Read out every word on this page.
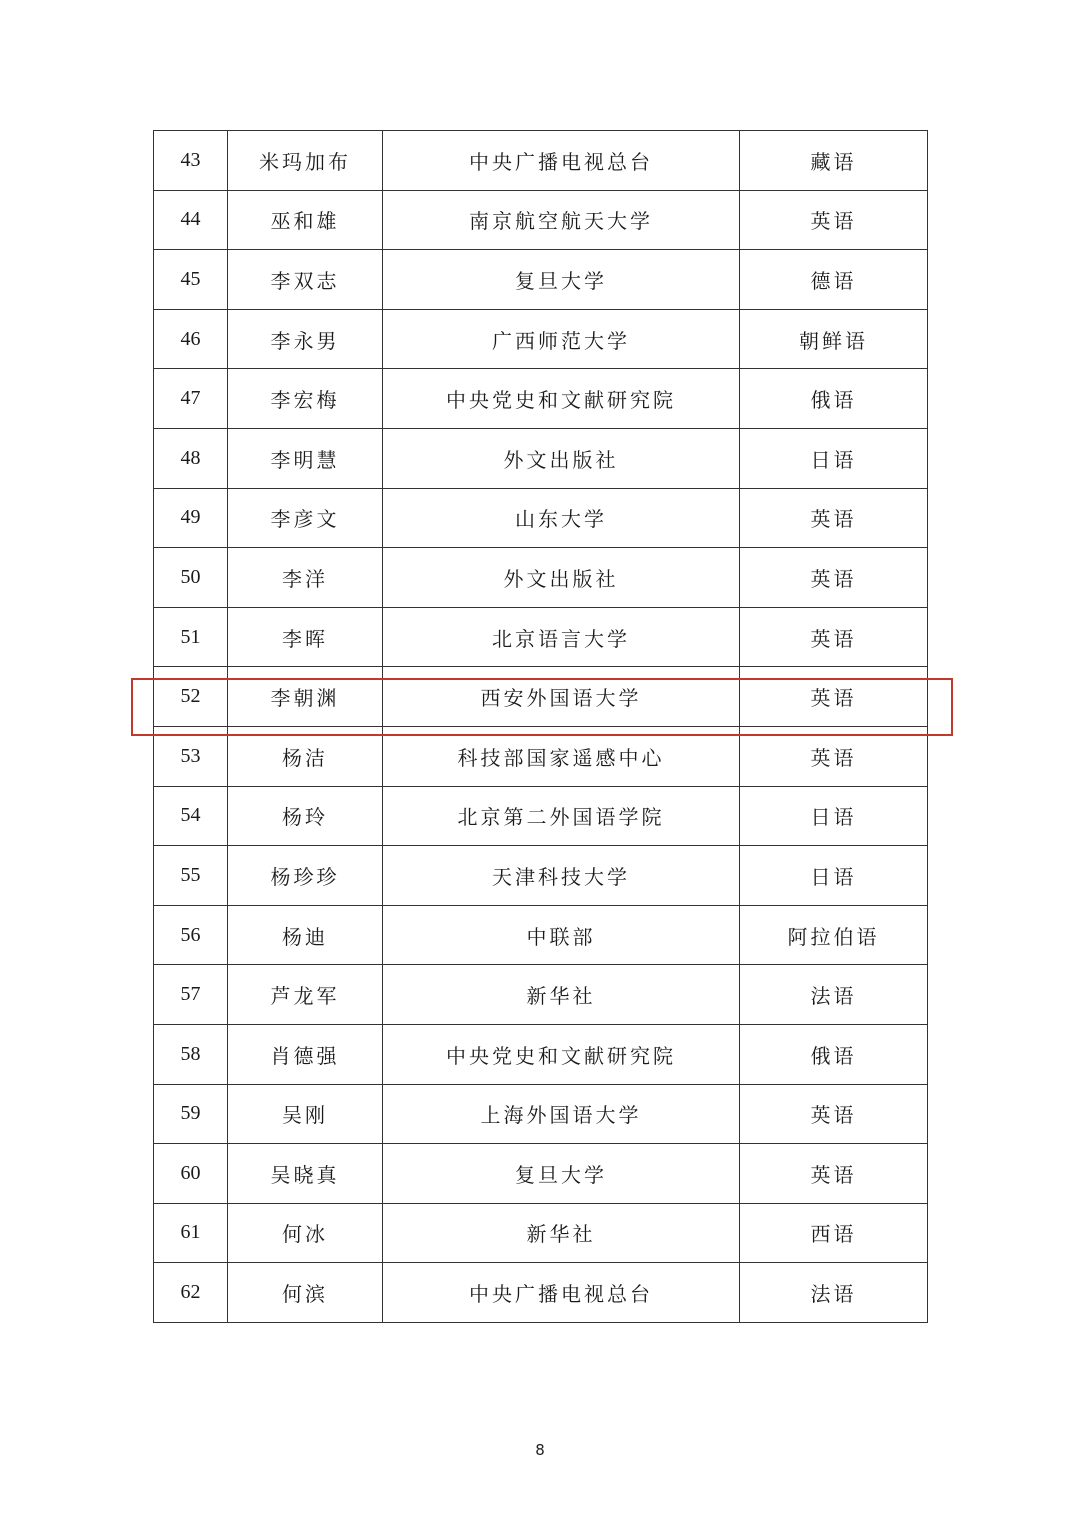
43	米玛加布	中央广播电视总台	藏语
44	巫和雄	南京航空航天大学	英语
45	李双志	复旦大学	德语
46	李永男	广西师范大学	朝鲜语
47	李宏梅	中央党史和文献研究院	俄语
48	李明慧	外文出版社	日语
49	李彦文	山东大学	英语
50	李洋	外文出版社	英语
51	李晖	北京语言大学	英语
52	李朝渊	西安外国语大学	英语
53	杨洁	科技部国家遥感中心	英语
54	杨玲	北京第二外国语学院	日语
55	杨珍珍	天津科技大学	日语
56	杨迪	中联部	阿拉伯语
57	芦龙军	新华社	法语
58	肖德强	中央党史和文献研究院	俄语
59	吴刚	上海外国语大学	英语
60	吴晓真	复旦大学	英语
61	何冰	新华社	西语
62	何滨	中央广播电视总台	法语
8
